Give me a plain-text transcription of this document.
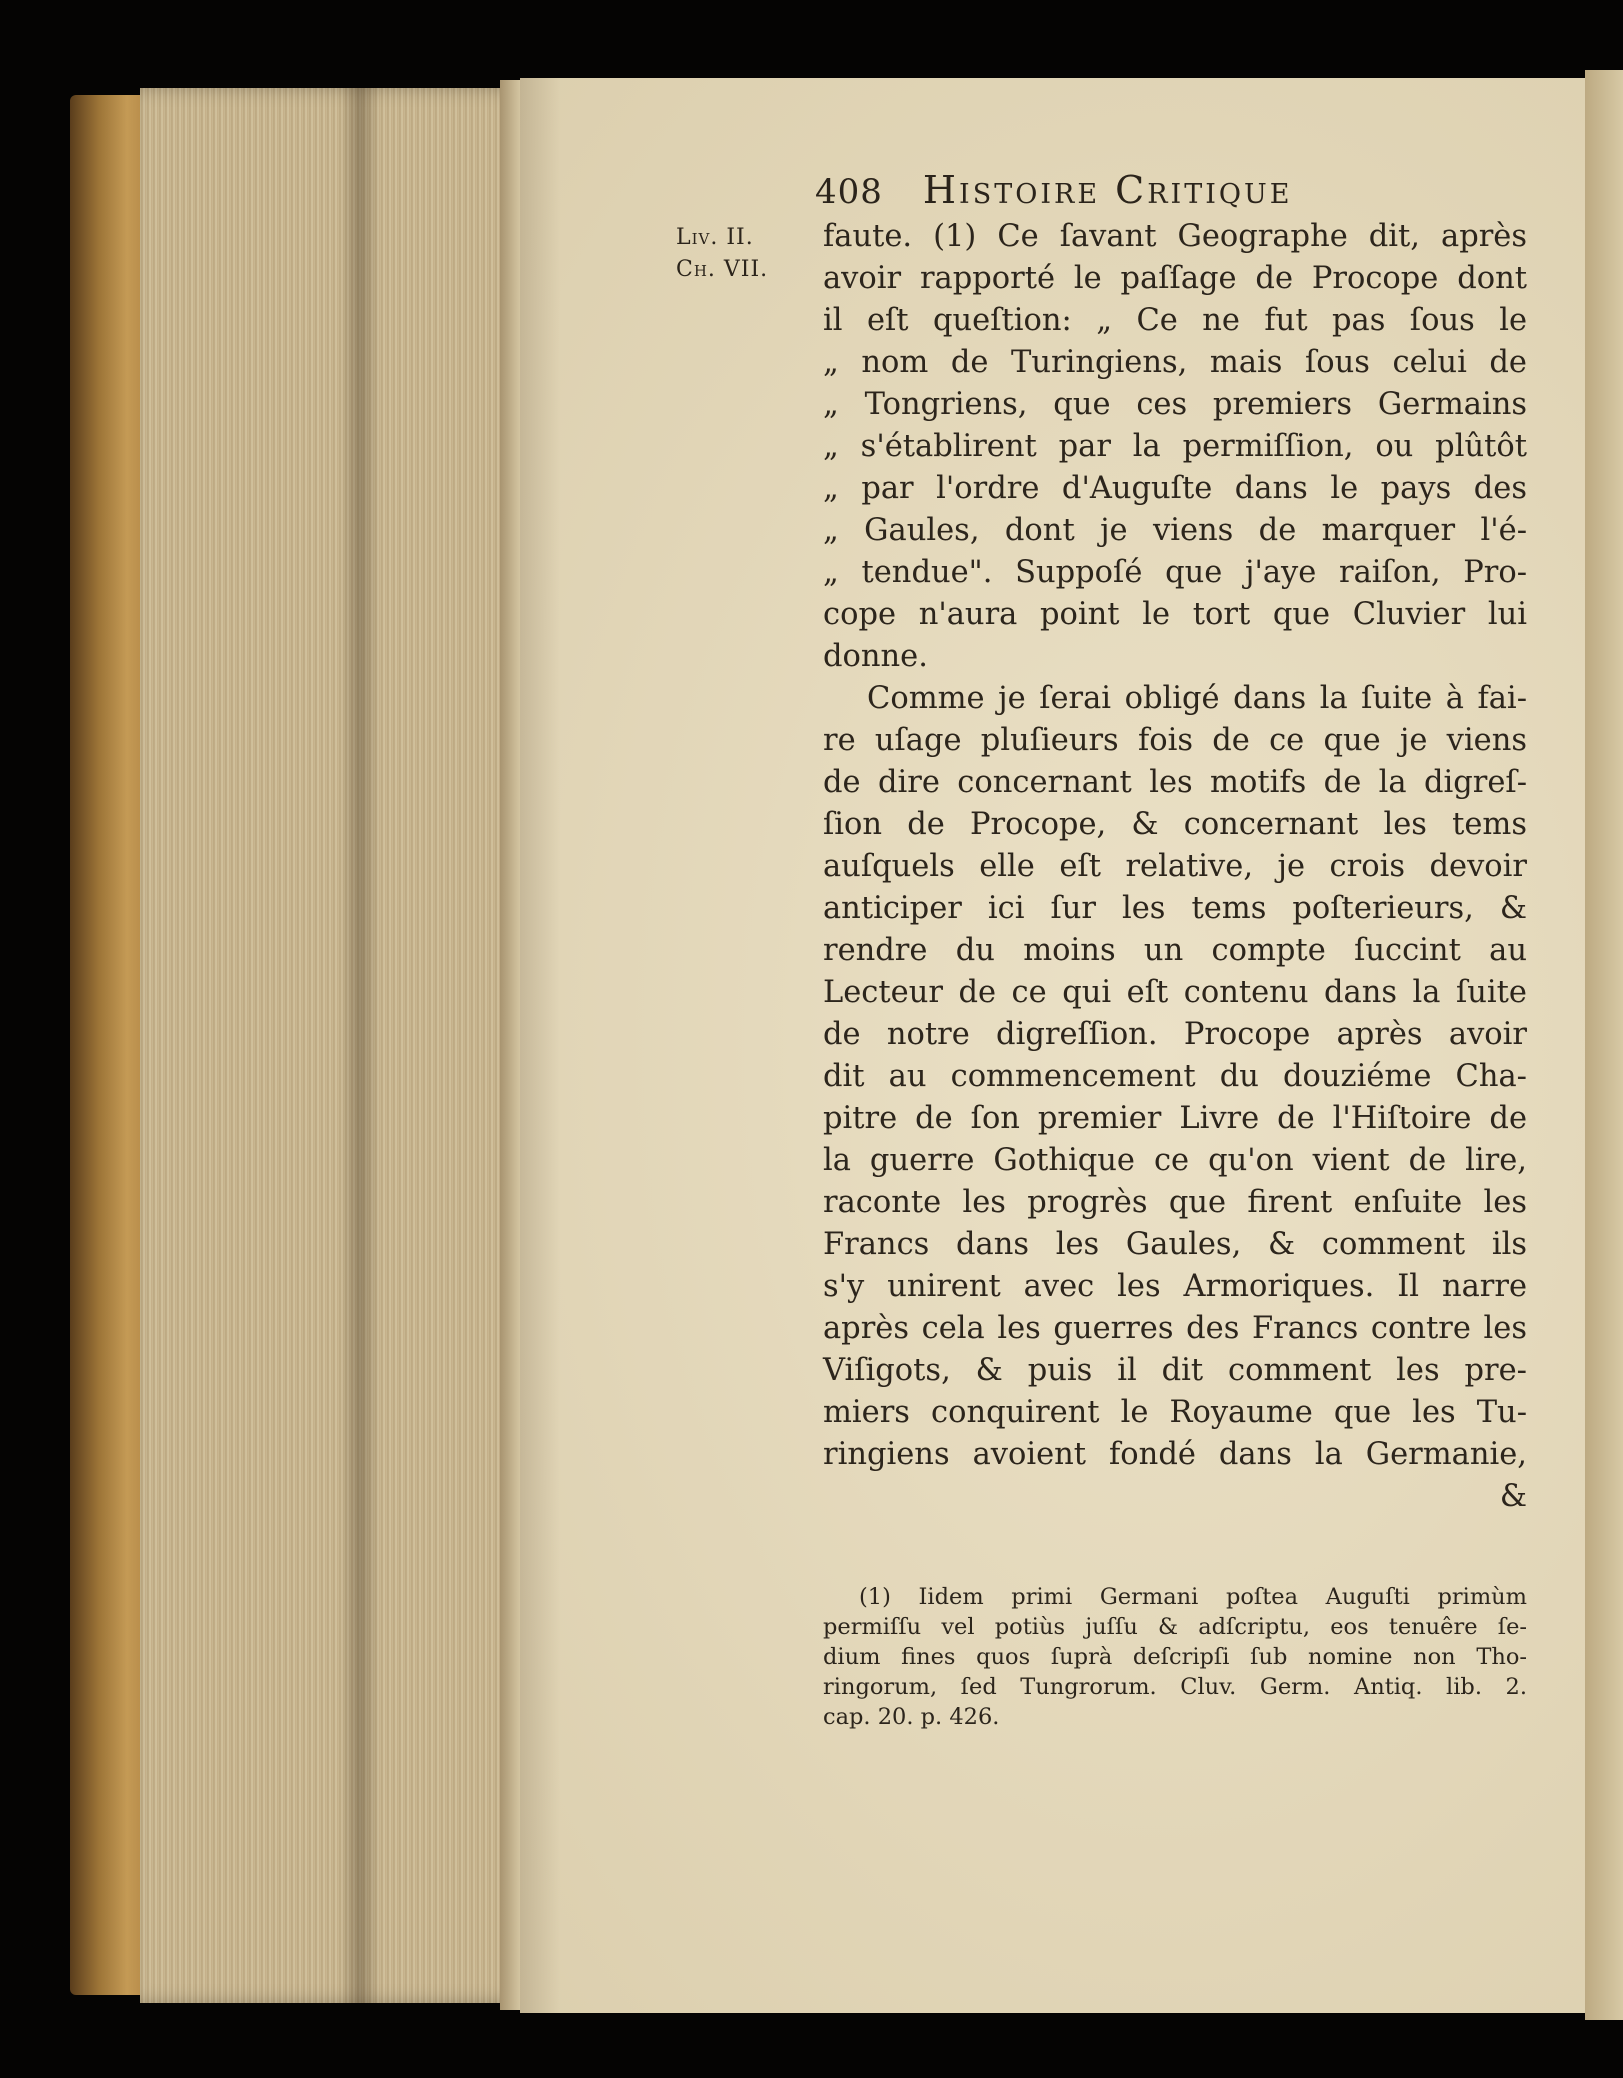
408 Histoire Critique
Liv. II.
Ch. VII.
faute. (1) Ce ſavant Geographe dit, après
avoir rapporté le paſſage de Procope dont
il eſt queſtion: „ Ce ne fut pas ſous le
„ nom de Turingiens, mais ſous celui de
„ Tongriens, que ces premiers Germains
„ s'établirent par la permiſſion, ou plûtôt
„ par l'ordre d'Auguſte dans le pays des
„ Gaules, dont je viens de marquer l'é-
„ tendue". Suppoſé que j'aye raiſon, Pro-
cope n'aura point le tort que Cluvier lui
donne.
Comme je ſerai obligé dans la ſuite à fai-
re uſage pluſieurs fois de ce que je viens
de dire concernant les motifs de la digreſ-
ſion de Procope, & concernant les tems
auſquels elle eſt relative, je crois devoir
anticiper ici ſur les tems poſterieurs, &
rendre du moins un compte ſuccint au
Lecteur de ce qui eſt contenu dans la ſuite
de notre digreſſion. Procope après avoir
dit au commencement du douziéme Cha-
pitre de ſon premier Livre de l'Hiſtoire de
la guerre Gothique ce qu'on vient de lire,
raconte les progrès que firent enſuite les
Francs dans les Gaules, & comment ils
s'y unirent avec les Armoriques. Il narre
après cela les guerres des Francs contre les
Viſigots, & puis il dit comment les pre-
miers conquirent le Royaume que les Tu-
ringiens avoient fondé dans la Germanie,
&
(1) Iidem primi Germani poſtea Auguſti primùm
permiſſu vel potiùs juſſu & adſcriptu, eos tenuêre ſe-
dium fines quos ſuprà deſcripſi ſub nomine non Tho-
ringorum, ſed Tungrorum. Cluv. Germ. Antiq. lib. 2.
cap. 20. p. 426.
